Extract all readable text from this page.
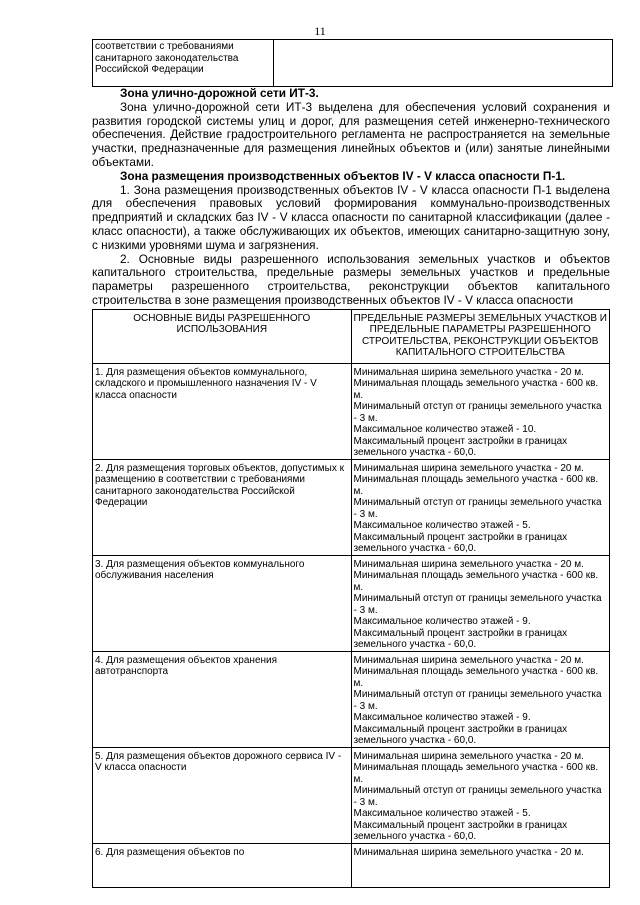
11
соответствии с требованиями санитарного законодательства Российской Федерации	

Зона улично-дорожной сети ИТ-3.

Зона улично-дорожной сети ИТ-3 выделена для обеспечения условий сохранения и развития городской системы улиц и дорог, для размещения сетей инженерно-технического обеспечения. Действие градостроительного регламента не распространяется на земельные участки, предназначенные для размещения линейных объектов и (или) занятые линейными объектами.

Зона размещения производственных объектов IV - V класса опасности П-1.

1. Зона размещения производственных объектов IV - V класса опасности П-1 выделена для обеспечения правовых условий формирования коммунально-производственных предприятий и складских баз IV - V класса опасности по санитарной классификации (далее - класс опасности), а также обслуживающих их объектов, имеющих санитарно-защитную зону, с низкими уровнями шума и загрязнения.

2. Основные виды разрешенного использования земельных участков и объектов капитального строительства, предельные размеры земельных участков и предельные параметры разрешенного строительства, реконструкции объектов капитального строительства в зоне размещения производственных объектов IV - V класса опасности

ОСНОВНЫЕ ВИДЫ РАЗРЕШЕННОГО ИСПОЛЬЗОВАНИЯ	ПРЕДЕЛЬНЫЕ РАЗМЕРЫ ЗЕМЕЛЬНЫХ УЧАСТКОВ И ПРЕДЕЛЬНЫЕ ПАРАМЕТРЫ РАЗРЕШЕННОГО СТРОИТЕЛЬСТВА, РЕКОНСТРУКЦИИ ОБЪЕКТОВ КАПИТАЛЬНОГО СТРОИТЕЛЬСТВА
1. Для размещения объектов коммунального, складского и промышленного назначения IV - V класса опасности	Минимальная ширина земельного участка - 20 м.
Минимальная площадь земельного участка - 600 кв. м.
Минимальный отступ от границы земельного участка - 3 м.
Максимальное количество этажей - 10.
Максимальный процент застройки в границах земельного участка - 60,0.

2. Для размещения торговых объектов, допустимых к размещению в соответствии с требованиями санитарного законодательства Российской Федерации	Минимальная ширина земельного участка - 20 м.
Минимальная площадь земельного участка - 600 кв. м.
Минимальный отступ от границы земельного участка - 3 м.
Максимальное количество этажей - 5.
Максимальный процент застройки в границах земельного участка - 60,0.

3. Для размещения объектов коммунального обслуживания населения	Минимальная ширина земельного участка - 20 м.
Минимальная площадь земельного участка - 600 кв. м.
Минимальный отступ от границы земельного участка - 3 м.
Максимальное количество этажей - 9.
Максимальный процент застройки в границах земельного участка - 60,0.

4. Для размещения объектов хранения автотранспорта	Минимальная ширина земельного участка - 20 м.
Минимальная площадь земельного участка - 600 кв. м.
Минимальный отступ от границы земельного участка - 3 м.
Максимальное количество этажей - 9.
Максимальный процент застройки в границах земельного участка - 60,0.

5. Для размещения объектов дорожного сервиса IV - V класса опасности	Минимальная ширина земельного участка - 20 м.
Минимальная площадь земельного участка - 600 кв. м.
Минимальный отступ от границы земельного участка - 3 м.
Максимальное количество этажей - 5.
Максимальный процент застройки в границах земельного участка - 60,0.

6. Для размещения объектов по	Минимальная ширина земельного участка - 20 м.
